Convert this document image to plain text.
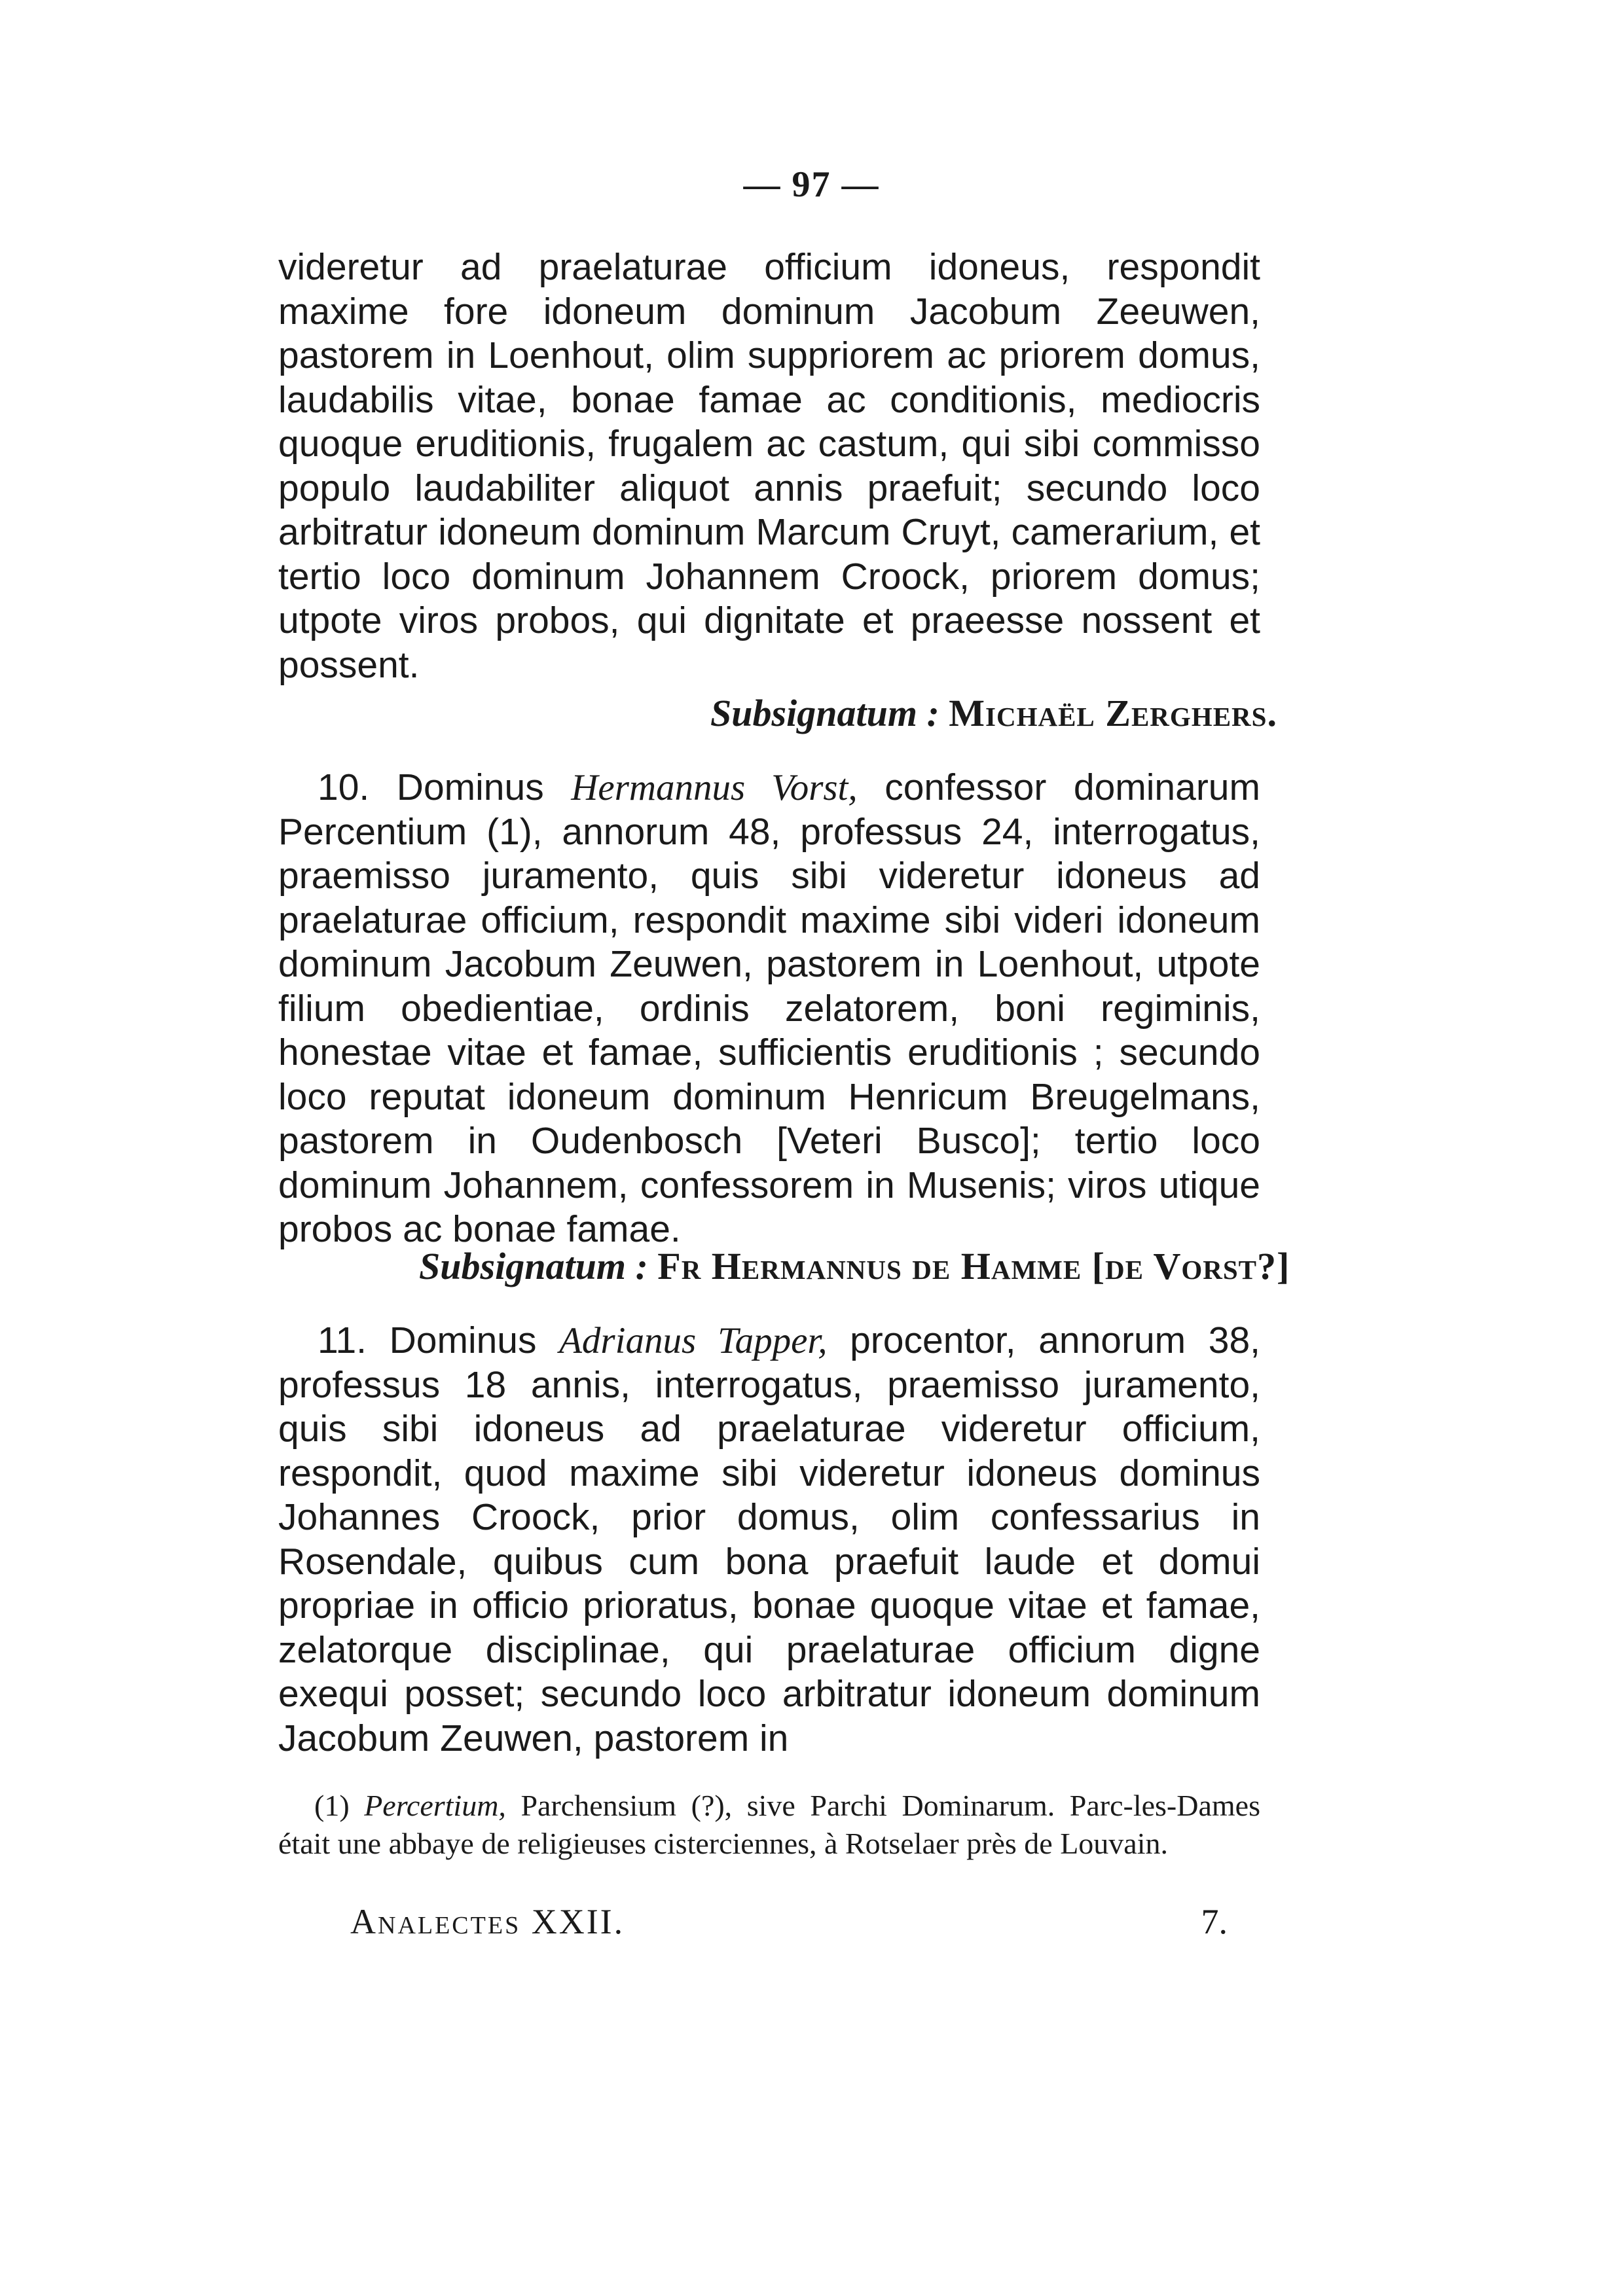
— 97 —

videretur ad praelaturae officium idoneus, respondit maxime fore idoneum dominum Jacobum Zeeuwen, pastorem in Loenhout, olim suppriorem ac priorem domus, laudabilis vitae, bonae famae ac conditionis, mediocris quoque eruditionis, frugalem ac castum, qui sibi commisso populo laudabiliter aliquot annis praefuit; secundo loco arbitratur idoneum dominum Marcum Cruyt, camerarium, et tertio loco dominum Johannem Croock, priorem domus; utpote viros probos, qui dignitate et praeesse nossent et possent.

Subsignatum : Michaël Zerghers.

10. Dominus Hermannus Vorst, confessor dominarum Percentium (1), annorum 48, professus 24, interrogatus, praemisso juramento, quis sibi videretur idoneus ad praelaturae officium, respondit maxime sibi videri idoneum dominum Jacobum Zeuwen, pastorem in Loenhout, utpote filium obedientiae, ordinis zelatorem, boni regiminis, honestae vitae et famae, sufficientis eruditionis ; secundo loco reputat idoneum dominum Henricum Breugelmans, pastorem in Oudenbosch [Veteri Busco]; tertio loco dominum Johannem, confessorem in Musenis; viros utique probos ac bonae famae.

Subsignatum : Fr Hermannus de Hamme [de Vorst?]

11. Dominus Adrianus Tapper, procentor, annorum 38, professus 18 annis, interrogatus, praemisso juramento, quis sibi idoneus ad praelaturae videretur officium, respondit, quod maxime sibi videretur idoneus dominus Johannes Croock, prior domus, olim confessarius in Rosendale, quibus cum bona praefuit laude et domui propriae in officio prioratus, bonae quoque vitae et famae, zelatorque disciplinae, qui praelaturae officium digne exequi posset; secundo loco arbitratur idoneum dominum Jacobum Zeuwen, pastorem in

(1) Percertium, Parchensium (?), sive Parchi Dominarum. Parc-les-Dames était une abbaye de religieuses cisterciennes, à Rotselaer près de Louvain.
Analectes XXII.	7.
